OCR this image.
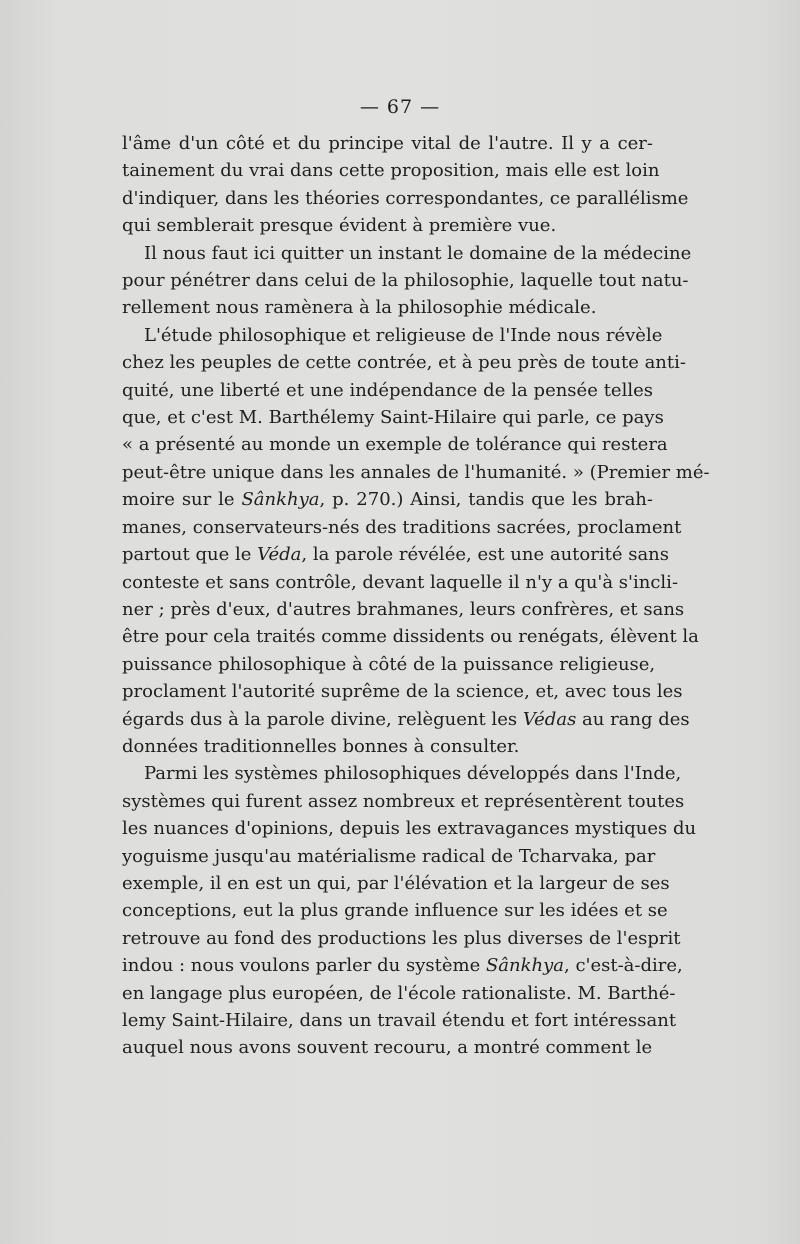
— 67 —
l'âme d'un côté et du principe vital de l'autre. Il y a cer-
tainement du vrai dans cette proposition, mais elle est loin
d'indiquer, dans les théories correspondantes, ce parallélisme
qui semblerait presque évident à première vue.
Il nous faut ici quitter un instant le domaine de la médecine
pour pénétrer dans celui de la philosophie, laquelle tout natu-
rellement nous ramènera à la philosophie médicale.
L'étude philosophique et religieuse de l'Inde nous révèle
chez les peuples de cette contrée, et à peu près de toute anti-
quité, une liberté et une indépendance de la pensée telles
que, et c'est M. Barthélemy Saint-Hilaire qui parle, ce pays
« a présenté au monde un exemple de tolérance qui restera
peut-être unique dans les annales de l'humanité. » (Premier mé-
moire sur le Sânkhya, p. 270.) Ainsi, tandis que les brah-
manes, conservateurs-nés des traditions sacrées, proclament
partout que le Véda, la parole révélée, est une autorité sans
conteste et sans contrôle, devant laquelle il n'y a qu'à s'incli-
ner ; près d'eux, d'autres brahmanes, leurs confrères, et sans
être pour cela traités comme dissidents ou renégats, élèvent la
puissance philosophique à côté de la puissance religieuse,
proclament l'autorité suprême de la science, et, avec tous les
égards dus à la parole divine, relèguent les Védas au rang des
données traditionnelles bonnes à consulter.
Parmi les systèmes philosophiques développés dans l'Inde,
systèmes qui furent assez nombreux et représentèrent toutes
les nuances d'opinions, depuis les extravagances mystiques du
yoguisme jusqu'au matérialisme radical de Tcharvaka, par
exemple, il en est un qui, par l'élévation et la largeur de ses
conceptions, eut la plus grande influence sur les idées et se
retrouve au fond des productions les plus diverses de l'esprit
indou : nous voulons parler du système Sânkhya, c'est-à-dire,
en langage plus européen, de l'école rationaliste. M. Barthé-
lemy Saint-Hilaire, dans un travail étendu et fort intéressant
auquel nous avons souvent recouru, a montré comment le
